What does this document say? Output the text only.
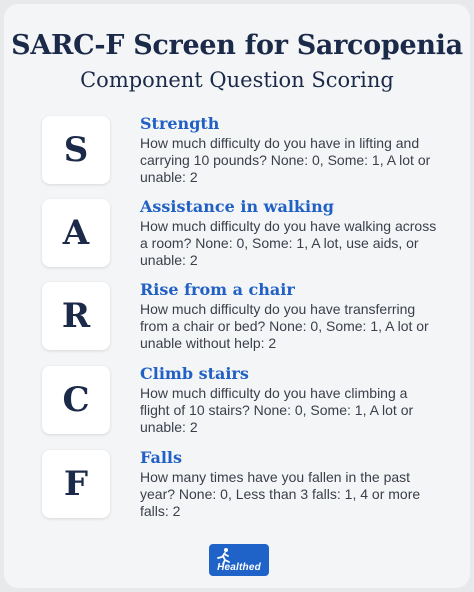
SARC-F Screen for Sarcopenia
Component Question Scoring
S
Strength
How much difficulty do you have in lifting and carrying 10 pounds? None: 0, Some: 1, A lot or unable: 2
A
Assistance in walking
How much difficulty do you have walking across a room? None: 0, Some: 1, A lot, use aids, or unable: 2
R
Rise from a chair
How much difficulty do you have transferring from a chair or bed? None: 0, Some: 1, A lot or unable without help: 2
C
Climb stairs
How much difficulty do you have climbing a flight of 10 stairs? None: 0, Some: 1, A lot or unable: 2
F
Falls
How many times have you fallen in the past year? None: 0, Less than 3 falls: 1, 4 or more falls: 2
Healthed
